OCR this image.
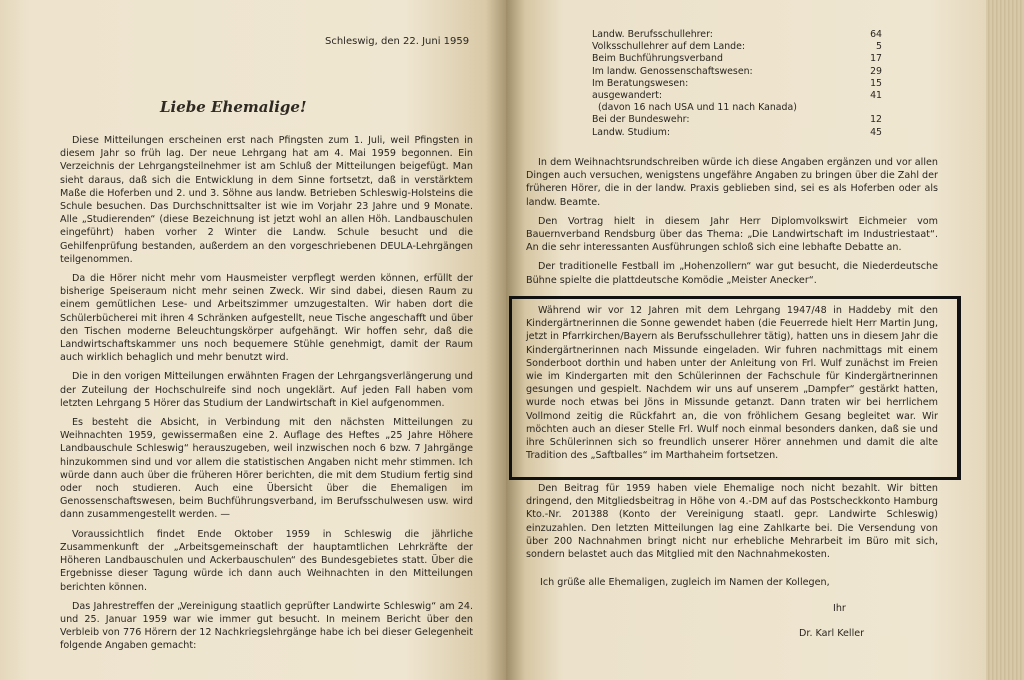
Schleswig, den 22. Juni 1959
Liebe Ehemalige!

Diese Mitteilungen erscheinen erst nach Pfingsten zum 1. Juli, weil Pfingsten in diesem Jahr so früh lag. Der neue Lehrgang hat am 4. Mai 1959 begonnen. Ein Verzeichnis der Lehrgangsteilnehmer ist am Schluß der Mitteilungen beigefügt. Man sieht daraus, daß sich die Entwicklung in dem Sinne fortsetzt, daß in verstärktem Maße die Hoferben und 2. und 3. Söhne aus landw. Betrieben Schleswig-Holsteins die Schule besuchen. Das Durchschnittsalter ist wie im Vorjahr 23 Jahre und 9 Monate. Alle „Studierenden“ (diese Bezeichnung ist jetzt wohl an allen Höh. Landbauschulen eingeführt) haben vorher 2 Winter die Landw. Schule besucht und die Gehilfenprüfung bestanden, außerdem an den vorgeschriebenen DEULA-Lehrgängen teilgenommen.

Da die Hörer nicht mehr vom Hausmeister verpflegt werden können, erfüllt der bisherige Speiseraum nicht mehr seinen Zweck. Wir sind dabei, diesen Raum zu einem gemütlichen Lese- und Arbeitszimmer umzugestalten. Wir haben dort die Schülerbücherei mit ihren 4 Schränken aufgestellt, neue Tische angeschafft und über den Tischen moderne Beleuchtungskörper aufgehängt. Wir hoffen sehr, daß die Landwirtschaftskammer uns noch bequemere Stühle genehmigt, damit der Raum auch wirklich behaglich und mehr benutzt wird.

Die in den vorigen Mitteilungen erwähnten Fragen der Lehrgangsverlängerung und der Zuteilung der Hochschulreife sind noch ungeklärt. Auf jeden Fall haben vom letzten Lehrgang 5 Hörer das Studium der Landwirtschaft in Kiel aufgenommen.

Es besteht die Absicht, in Verbindung mit den nächsten Mitteilungen zu Weihnachten 1959, gewissermaßen eine 2. Auflage des Heftes „25 Jahre Höhere Landbauschule Schleswig“ herauszugeben, weil inzwischen noch 6 bzw. 7 Jahrgänge hinzukommen sind und vor allem die statistischen Angaben nicht mehr stimmen. Ich würde dann auch über die früheren Hörer berichten, die mit dem Studium fertig sind oder noch studieren. Auch eine Übersicht über die Ehemaligen im Genossenschaftswesen, beim Buchführungsverband, im Berufsschulwesen usw. wird dann zusammengestellt werden. —

Voraussichtlich findet Ende Oktober 1959 in Schleswig die jährliche Zusammenkunft der „Arbeitsgemeinschaft der hauptamtlichen Lehrkräfte der Höheren Landbauschulen und Ackerbauschulen“ des Bundesgebietes statt. Über die Ergebnisse dieser Tagung würde ich dann auch Weihnachten in den Mitteilungen berichten können.

Das Jahrestreffen der „Vereinigung staatlich geprüfter Landwirte Schleswig“ am 24. und 25. Januar 1959 war wie immer gut besucht. In meinem Bericht über den Verbleib von 776 Hörern der 12 Nachkriegslehrgänge habe ich bei dieser Gelegenheit folgende Angaben gemacht:

Landw. Berufsschullehrer:	64
Volksschullehrer auf dem Lande:	5
Beim Buchführungsverband	17
Im landw. Genossenschaftswesen:	29
Im Beratungswesen:	15
ausgewandert:	41
(davon 16 nach USA und 11 nach Kanada)
Bei der Bundeswehr:	12
Landw. Studium:	45

In dem Weihnachtsrundschreiben würde ich diese Angaben ergänzen und vor allen Dingen auch versuchen, wenigstens ungefähre Angaben zu bringen über die Zahl der früheren Hörer, die in der landw. Praxis geblieben sind, sei es als Hoferben oder als landw. Beamte.

Den Vortrag hielt in diesem Jahr Herr Diplomvolkswirt Eichmeier vom Bauernverband Rendsburg über das Thema: „Die Landwirtschaft im Industriestaat“. An die sehr interessanten Ausführungen schloß sich eine lebhafte Debatte an.

Der traditionelle Festball im „Hohenzollern“ war gut besucht, die Niederdeutsche Bühne spielte die plattdeutsche Komödie „Meister Anecker“.

Während wir vor 12 Jahren mit dem Lehrgang 1947/48 in Haddeby mit den Kindergärtnerinnen die Sonne gewendet haben (die Feuerrede hielt Herr Martin Jung, jetzt in Pfarrkirchen/Bayern als Berufsschullehrer tätig), hatten uns in diesem Jahr die Kindergärtnerinnen nach Missunde eingeladen. Wir fuhren nachmittags mit einem Sonderboot dorthin und haben unter der Anleitung von Frl. Wulf zunächst im Freien wie im Kindergarten mit den Schülerinnen der Fachschule für Kindergärtnerinnen gesungen und gespielt. Nachdem wir uns auf unserem „Dampfer“ gestärkt hatten, wurde noch etwas bei Jöns in Missunde getanzt. Dann traten wir bei herrlichem Vollmond zeitig die Rückfahrt an, die von fröhlichem Gesang begleitet war. Wir möchten auch an dieser Stelle Frl. Wulf noch einmal besonders danken, daß sie und ihre Schülerinnen sich so freundlich unserer Hörer annehmen und damit die alte Tradition des „Saftballes“ im Marthaheim fortsetzen.

Den Beitrag für 1959 haben viele Ehemalige noch nicht bezahlt. Wir bitten dringend, den Mitgliedsbeitrag in Höhe von 4.-DM auf das Postscheckkonto Hamburg Kto.-Nr. 201388 (Konto der Vereinigung staatl. gepr. Landwirte Schleswig) einzuzahlen. Den letzten Mitteilungen lag eine Zahlkarte bei. Die Versendung von über 200 Nachnahmen bringt nicht nur erhebliche Mehrarbeit im Büro mit sich, sondern belastet auch das Mitglied mit den Nachnahmekosten.

Ich grüße alle Ehemaligen, zugleich im Namen der Kollegen,
Ihr
Dr. Karl Keller
